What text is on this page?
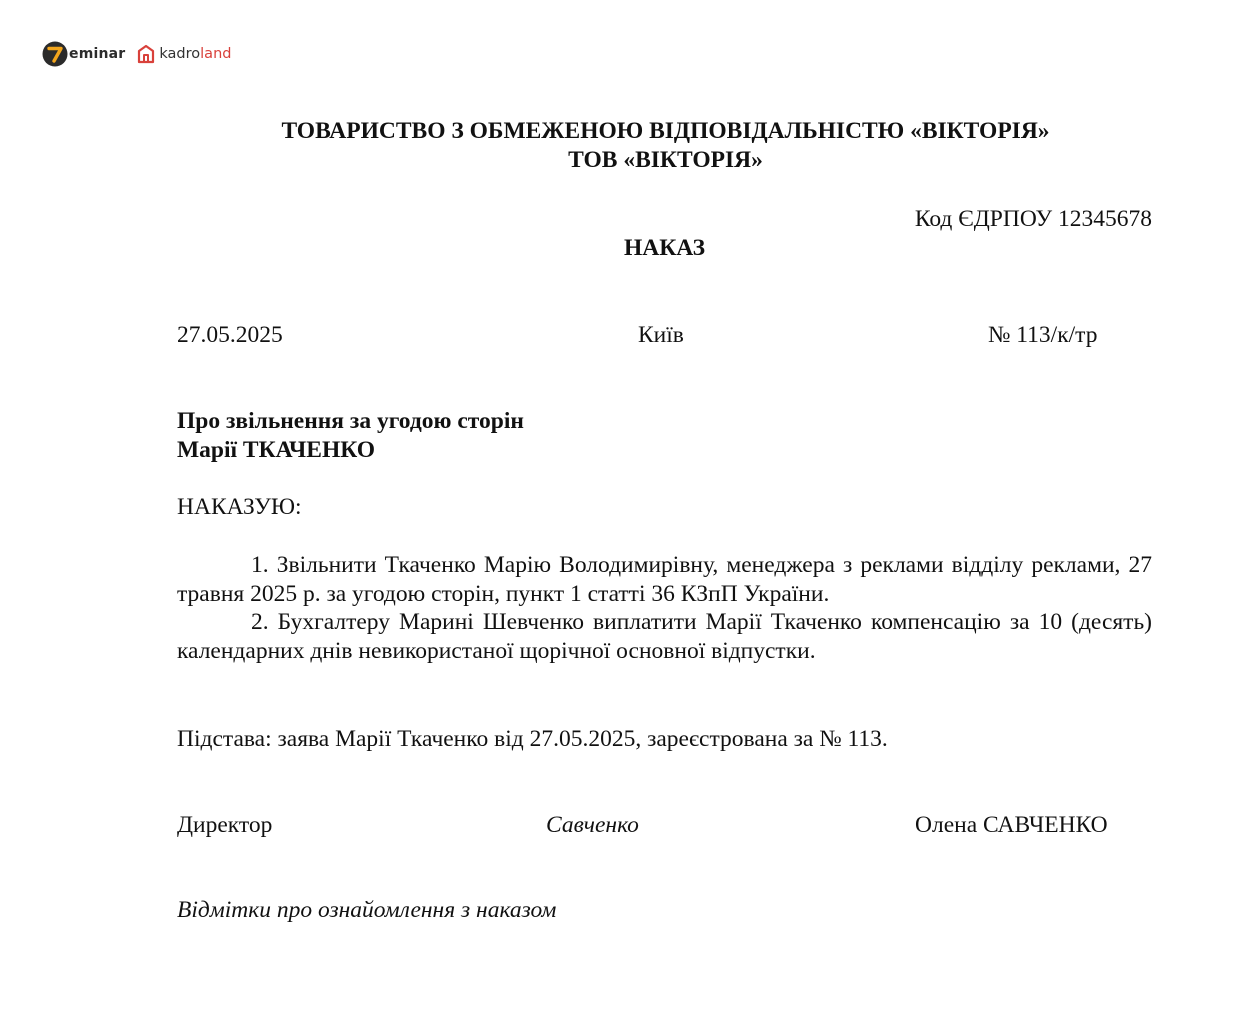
eminar kadroland
ТОВАРИСТВО З ОБМЕЖЕНОЮ ВІДПОВІДАЛЬНІСТЮ «ВІКТОРІЯ»
ТОВ «ВІКТОРІЯ»
Код ЄДРПОУ 12345678
НАКАЗ
27.05.2025	Київ	№ 113/к/тр
Про звільнення за угодою сторін
Марії ТКАЧЕНКО
НАКАЗУЮ:
1. Звільнити Ткаченко Марію Володимирівну, менеджера з реклами відділу реклами, 27 травня 2025 р. за угодою сторін, пункт 1 статті 36 КЗпП України.
2. Бухгалтеру Марині Шевченко виплатити Марії Ткаченко компенсацію за 10 (десять) календарних днів невикористаної щорічної основної відпустки.
Підстава: заява Марії Ткаченко від 27.05.2025, зареєстрована за № 113.
Директор	Савченко	Олена САВЧЕНКО
Відмітки про ознайомлення з наказом
